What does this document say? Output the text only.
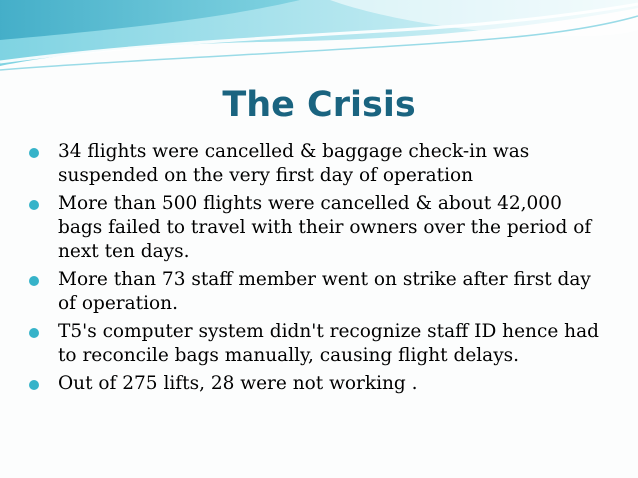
The Crisis
34 flights were cancelled & baggage check-in was suspended on the very first day of operation
More than 500 flights were cancelled & about 42,000 bags failed to travel with their owners over the period of next ten days.
More than 73 staff member went on strike after first day of operation.
T5's computer system didn't recognize staff ID hence had to reconcile bags manually, causing flight delays.
Out of 275 lifts, 28 were not working .
